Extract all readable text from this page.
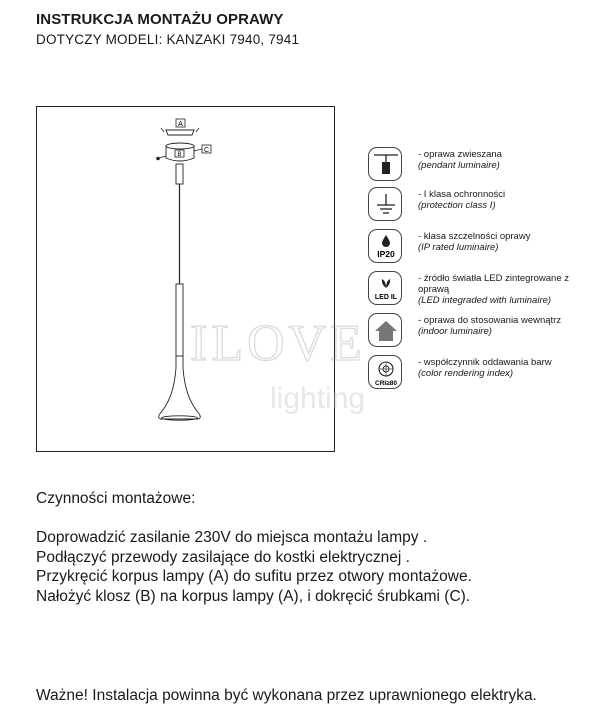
INSTRUKCJA MONTAŻU OPRAWY
DOTYCZY MODELI: KANZAKI 7940, 7941
A
B
C
ILOVE
lighting
- oprawa zwieszana
(pendant luminaire)
- I klasa ochronności
(protection class I)
IP20
- klasa szczelności oprawy
(IP rated luminaire)
LED IL
- źródło światła LED zintegrowane z oprawą
(LED integraded with luminaire)
- oprawa do stosowania wewnątrz
(indoor luminaire)
CRI≥80
- współczynnik oddawania barw
(color rendering index)
Czynności montażowe:
Doprowadzić zasilanie 230V do miejsca montażu lampy .
Podłączyć przewody zasilające do kostki elektrycznej .
Przykręcić korpus lampy (A) do sufitu przez otwory montażowe.
Nałożyć klosz (B) na korpus lampy (A), i dokręcić śrubkami (C).
Ważne! Instalacja powinna być wykonana przez uprawnionego elektryka.
